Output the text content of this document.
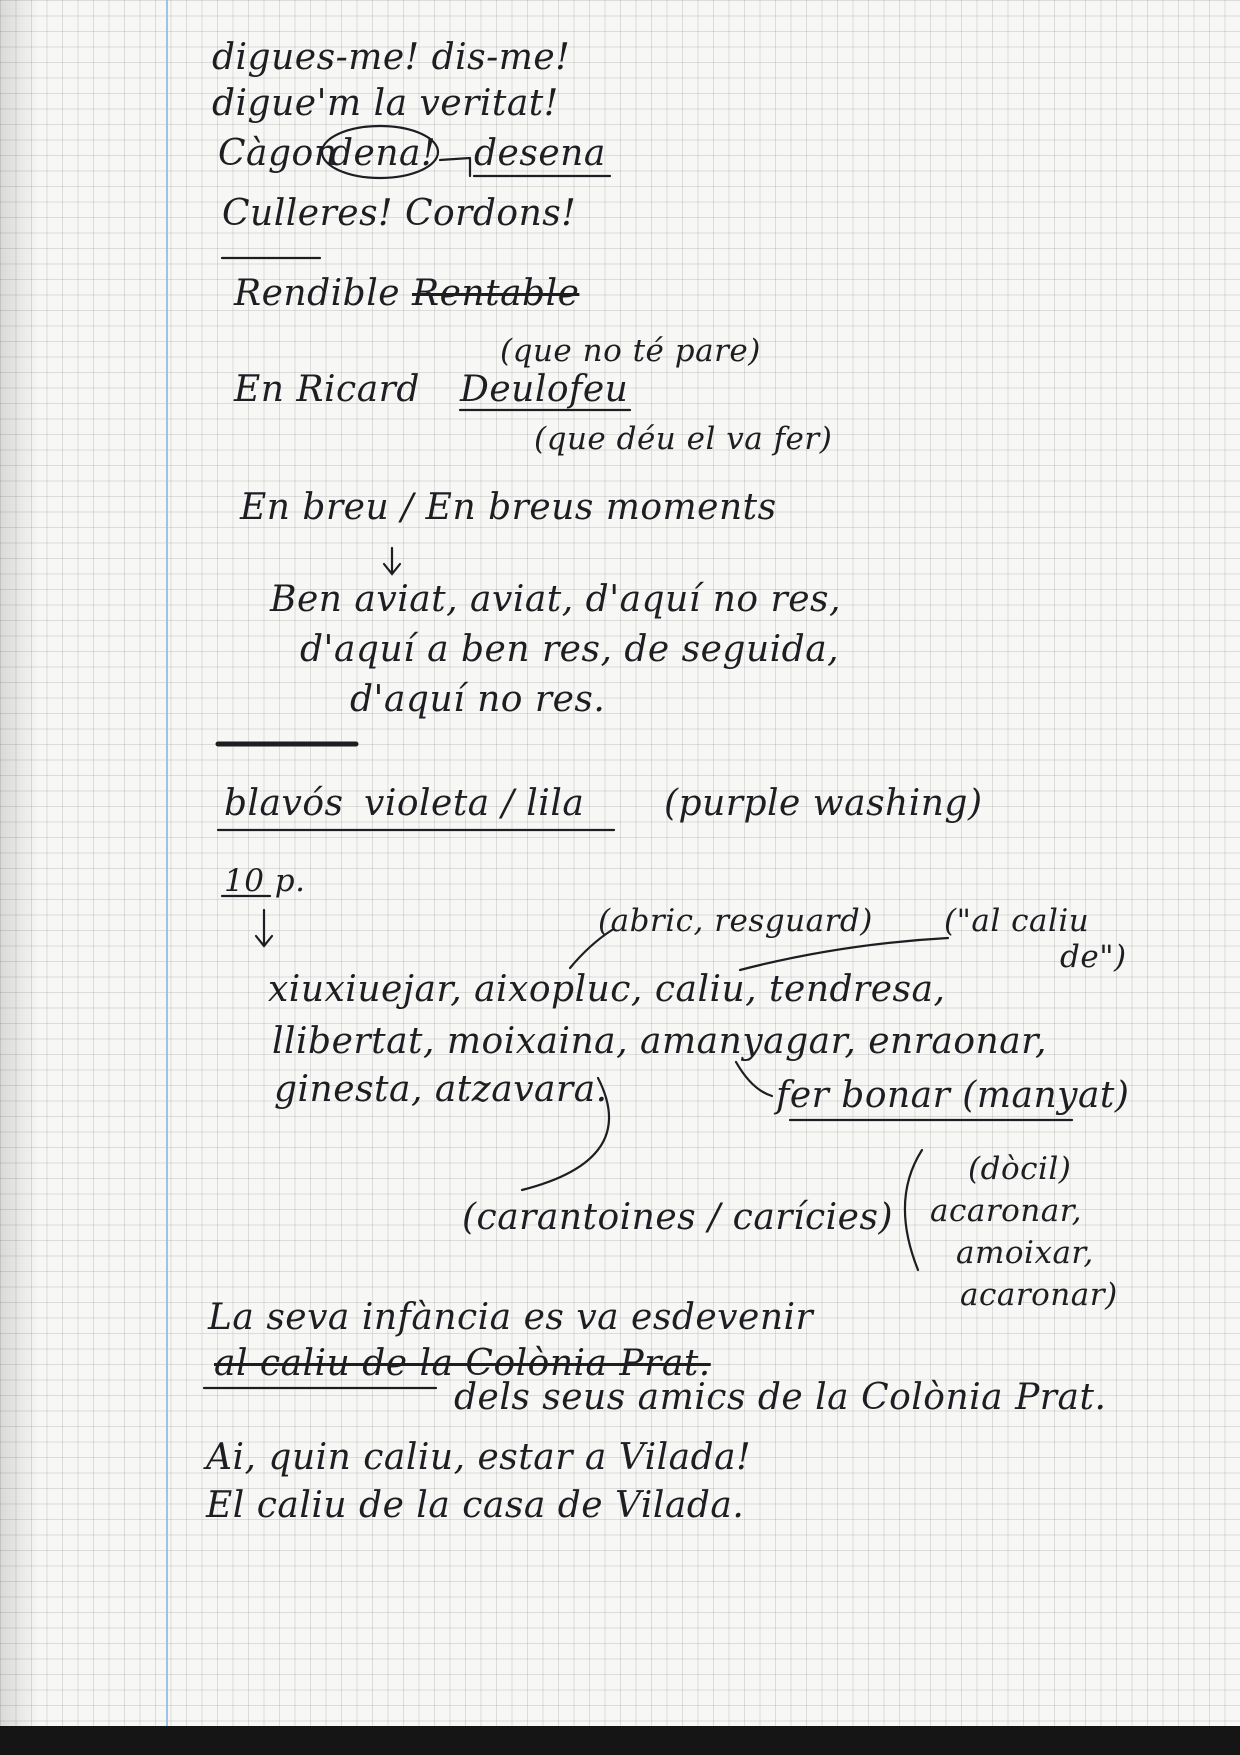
digues-me! dis-me!
digue'm la veritat!
Càgon
dena! desena
Culleres! Cordons!
Rendible Rentable
(que no té pare)
En Ricard Deulofeu
(que déu el va fer)
En breu / En breus moments
Ben aviat, aviat, d'aquí no res,
d'aquí a ben res, de seguida,
d'aquí no res.
blavós violeta / lila (purple washing)
10 p.
(abric, resguard) ("al caliu
de")
xiuxiuejar, aixopluc, caliu, tendresa,
llibertat, moixaina, amanyagar, enraonar,
ginesta, atzavara.	fer bonar (manyat)
(dòcil)
acaronar,
amoixar,
acaronar)
(carantoines / carícies)
La seva infància es va esdevenir
al caliu de la Colònia Prat.
dels seus amics de la Colònia Prat.
Ai, quin caliu, estar a Vilada!
El caliu de la casa de Vilada.
